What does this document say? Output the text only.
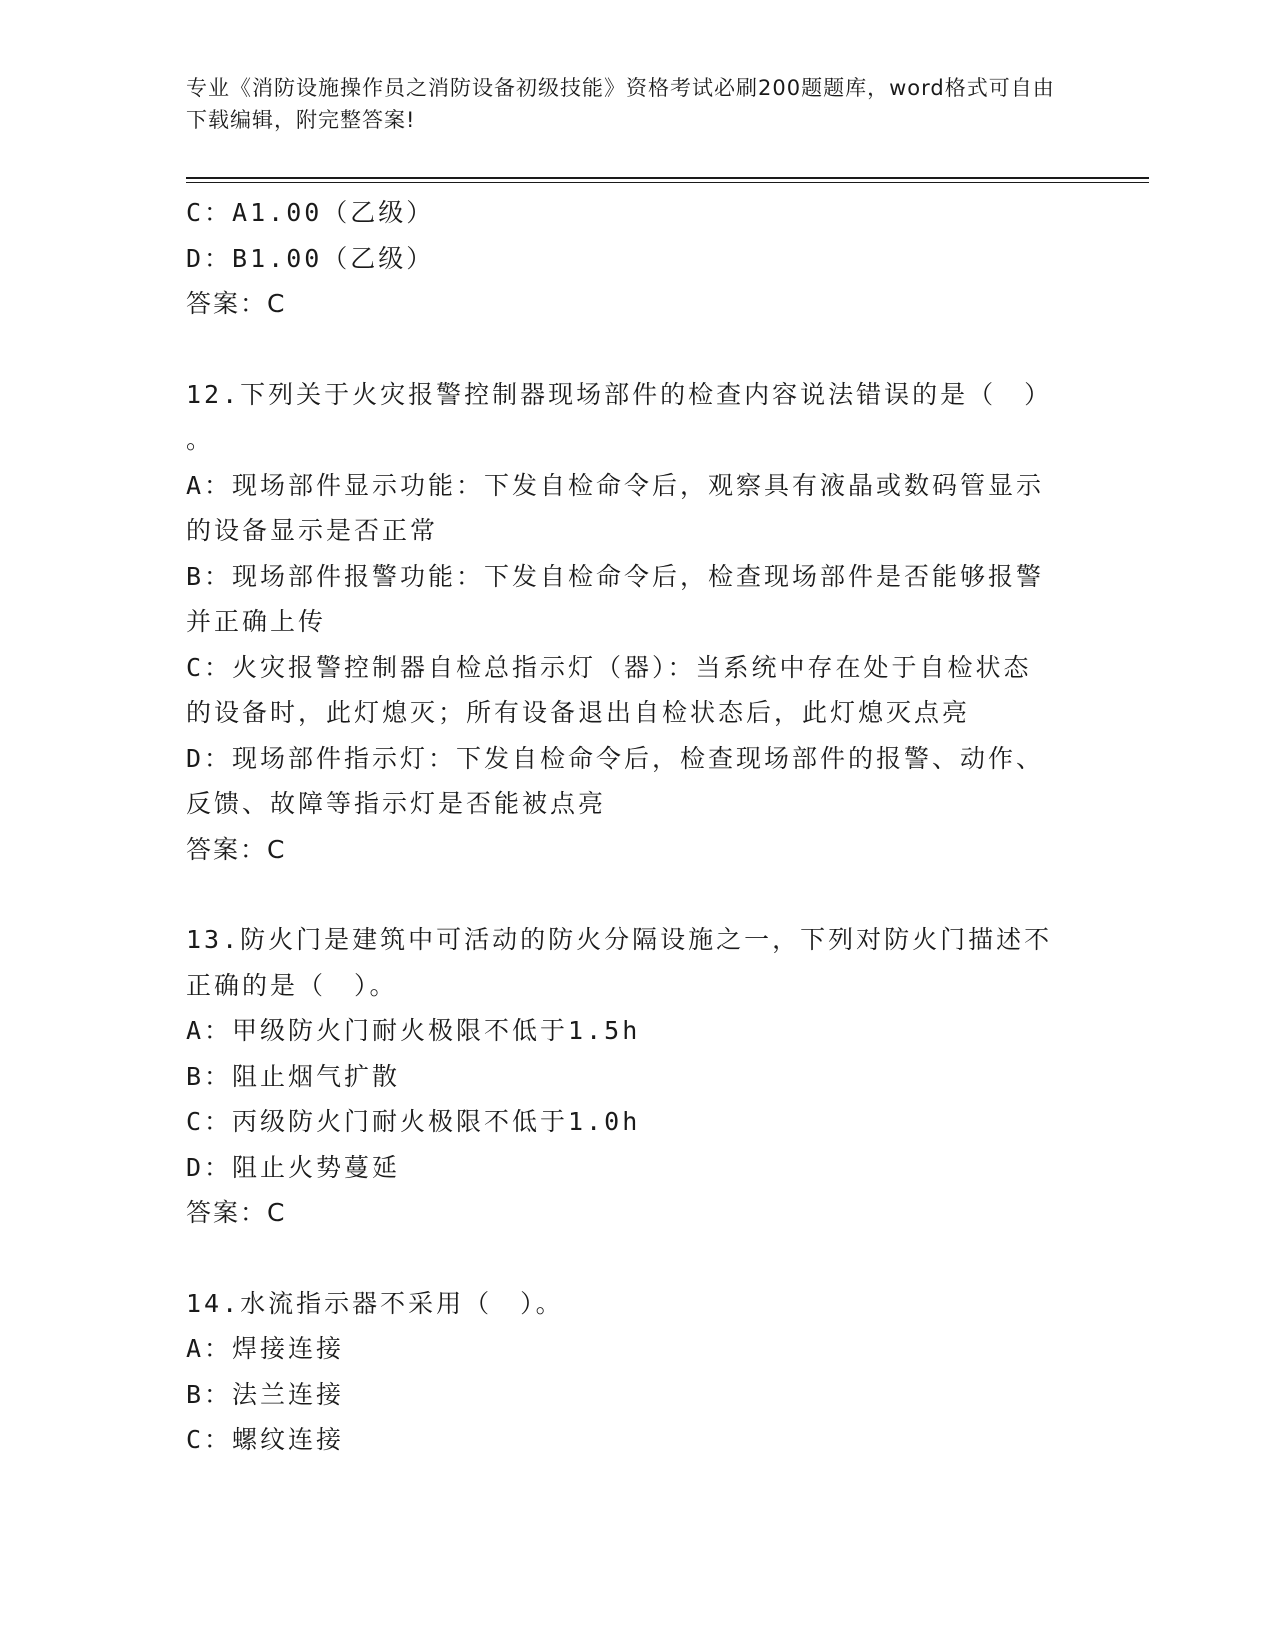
专业《消防设施操作员之消防设备初级技能》资格考试必刷200题题库，word格式可自由下载编辑，附完整答案!
C：A1.00（乙级）
D：B1.00（乙级）
答案：C
12.下列关于火灾报警控制器现场部件的检查内容说法错误的是（　）
。
A：现场部件显示功能：下发自检命令后，观察具有液晶或数码管显示
的设备显示是否正常
B：现场部件报警功能：下发自检命令后，检查现场部件是否能够报警
并正确上传
C：火灾报警控制器自检总指示灯（器）：当系统中存在处于自检状态
的设备时，此灯熄灭；所有设备退出自检状态后，此灯熄灭点亮
D：现场部件指示灯：下发自检命令后，检查现场部件的报警、动作、
反馈、故障等指示灯是否能被点亮
答案：C
13.防火门是建筑中可活动的防火分隔设施之一，下列对防火门描述不
正确的是（　）。
A：甲级防火门耐火极限不低于1.5h
B：阻止烟气扩散
C：丙级防火门耐火极限不低于1.0h
D：阻止火势蔓延
答案：C
14.水流指示器不采用（　）。
A：焊接连接
B：法兰连接
C：螺纹连接
